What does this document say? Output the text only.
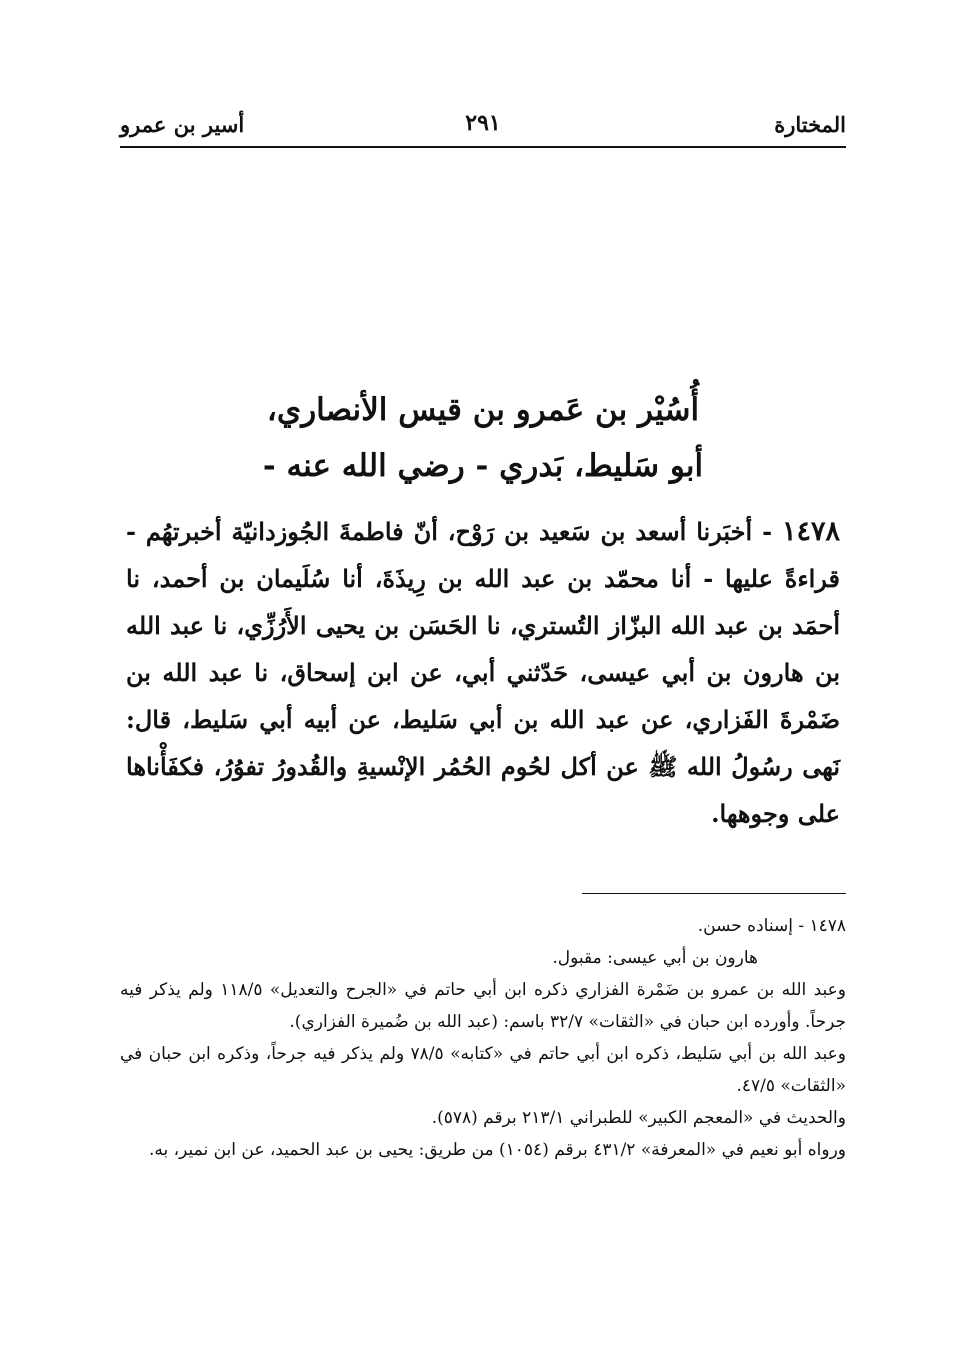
المختارة
٢٩١
أسير بن عمرو
أُسُيْر بن عَمرو بن قيس الأنصاري،
أبو سَليط، بَدري - رضي الله عنه -
١٤٧٨ - أخبَرنا أسعد بن سَعيد بن رَوْح، أنّ فاطمةَ الجُوزدانيّة أخبرتهُم - قراءةً عليها - أنا محمّد بن عبد الله بن رِيذَةَ، أنا سُلَيمان بن أحمد، نا أحمَد بن عبد الله البزّاز التُستري، نا الحَسَن بن يحيى الأَرُزِّي، نا عبد الله بن هارون بن أبي عيسى، حَدّثني أبي، عن ابن إسحاق، نا عبد الله بن ضَمْرةَ الفَزاري، عن عبد الله بن أبي سَليط، عن أبيه أبي سَليط، قال: نَهى رسُولُ الله ﷺ عن أكل لحُوم الحُمُر الإنْسيةِ والقُدورُ تفوُرُ، فكفَأْناها على وجوهها.
١٤٧٨ - إسناده حسن.
هارون بن أبي عيسى: مقبول.
وعبد الله بن عمرو بن ضَمْرة الفزاري ذكره ابن أبي حاتم في «الجرح والتعديل» ١١٨/٥ ولم يذكر فيه جرحاً. وأورده ابن حبان في «الثقات» ٣٢/٧ باسم: (عبد الله بن ضُميرة الفزاري).
وعبد الله بن أبي سَليط، ذكره ابن أبي حاتم في «كتابه» ٧٨/٥ ولم يذكر فيه جرحاً، وذكره ابن حبان في «الثقات» ٤٧/٥.
والحديث في «المعجم الكبير» للطبراني ٢١٣/١ برقم (٥٧٨).
ورواه أبو نعيم في «المعرفة» ٤٣١/٢ برقم (١٠٥٤) من طريق: يحيى بن عبد الحميد، عن ابن نمير، به.
